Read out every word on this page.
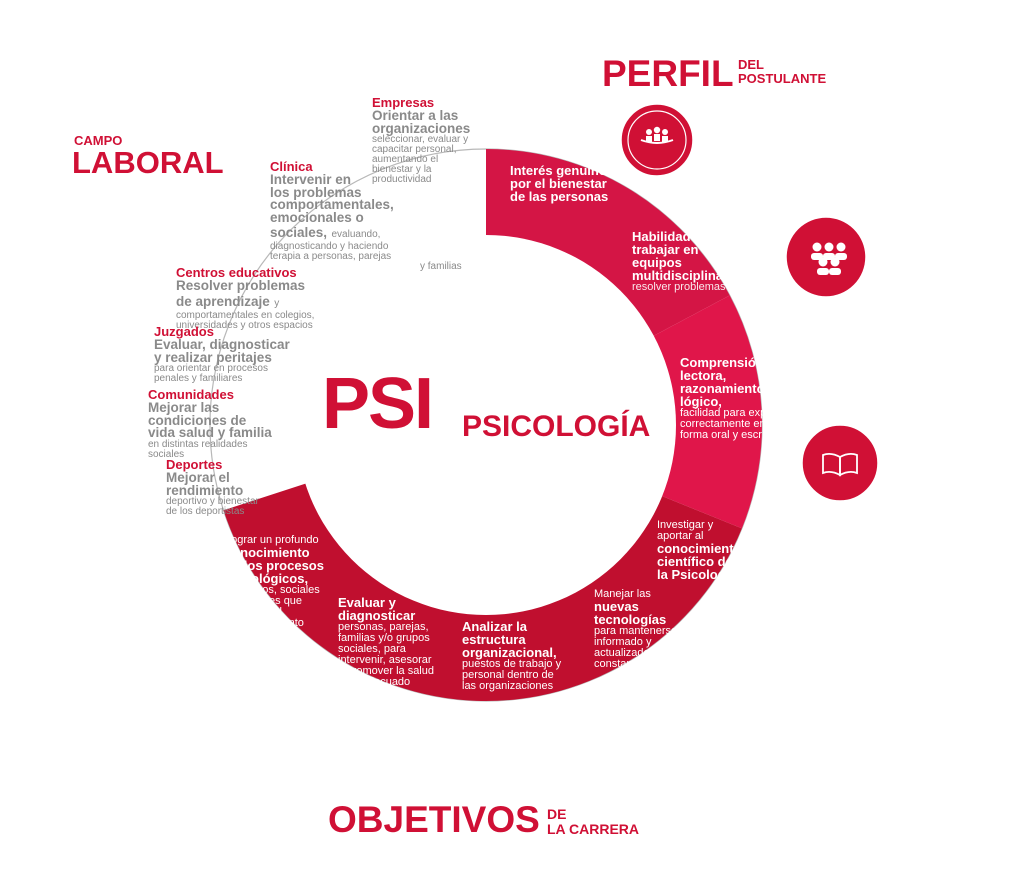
PERFIL DEL
POSTULANTE
CAMPO
LABORAL
OBJETIVOS DE
LA CARRERA
PSI PSICOLOGÍA
Interés genuino
por el bienestar
de las personas
Habilidades para
trabajar en
equipos
multidisciplinarios,
resolver problemas
Comprensión
lectora,
razonamiento
lógico,
facilidad para expresarse
correctamente en
forma oral y escrita
Empresas
Orientar a las
organizaciones
seleccionar, evaluar y
capacitar personal,
aumentando el
bienestar y la
productividad
Clínica
Intervenir en
los problemas
comportamentales,
emocionales o
sociales, evaluando,
diagnosticando y haciendo
terapia a personas, parejas
y familias
Centros educativos
Resolver problemas
de aprendizaje y
comportamentales en colegios,
universidades y otros espacios
Juzgados
Evaluar, diagnosticar
y realizar peritajes
para orientar en procesos
penales y familiares
Comunidades
Mejorar las
condiciones de
vida salud y familia
en distintas realidades
sociales
Deportes
Mejorar el
rendimiento
deportivo y bienestar
de los deportistas
Lograr un profundo
conocimiento
de los procesos
psicológicos,
biológicos, sociales
y culturales que
engloban el
comportamiento
humano
Evaluar y
diagnosticar
personas, parejas,
familias y/o grupos
sociales, para
intervenir, asesorar
y promover la salud
y un adecuado
desarrollo
humano
Analizar la
estructura
organizacional,
puestos de trabajo y
personal dentro de
las organizaciones
Manejar las
nuevas
tecnologías
para mantenerse
informado y
actualizado
constantemente
Investigar y
aportar al
conocimiento
científico de
la Psicología
